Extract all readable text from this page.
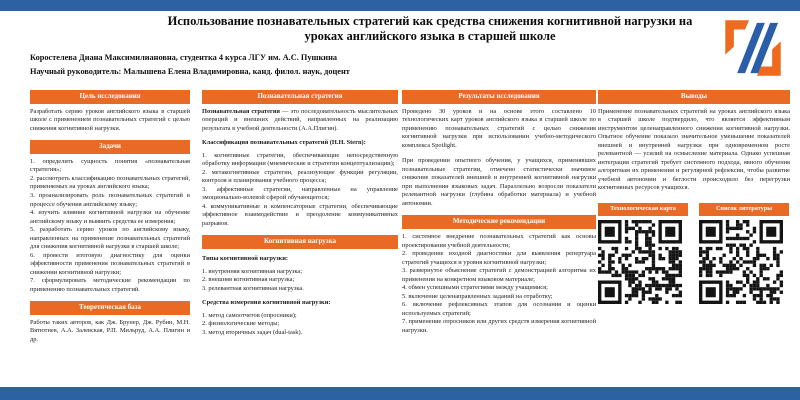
Использование познавательных стратегий как средства снижения когнитивной нагрузки на уроках английского языка в старшей школе
Коростелева Диана Максимилиановна, студентка 4 курса ЛГУ им. А.С. Пушкина
Научный руководитель: Малышева Елена Владимировна, канд. филол. наук, доцент
Цель исследования
Разработать серию уроков английского языка в старшей школе с применением познавательных стратегий с целью снижения когнитивной нагрузки.
Задачи
1. определить сущность понятия «познавательная стратегия»;
2. рассмотреть классификацию познавательных стратегий, применяемых на уроках английского языка;
3. проанализировать роль познавательных стратегий в процессе обучения английскому языку;
4. изучить влияние когнитивной нагрузки на обучение английскому языку и выявить средства ее измерения;
5. разработать серию уроков по английскому языку, направленных на применение познавательных стратегий для снижения когнитивной нагрузки в старшей школе;
6. провести итоговую диагностику для оценки эффективности применения познавательных стратегий в снижении когнитивной нагрузки;
7. сформулировать методические рекомендации по применению познавательных стратегий.
Теоретическая база
Работы таких авторов, как Дж. Брунер, Дж. Рубин, М.Н. Вятютнев, А.А. Залевская, Р.П. Мильруд, А.А. Плигин и др.
Познавательная стратегия
Познавательная стратегия — это последовательность мыслительных операций и внешних действий, направленных на реализацию результата в учебной деятельности (А.А.Плигин).
Классификация познавательных стратегий (Н.Н. Stern):
1. когнитивные стратегии, обеспечивающие непосредственную обработку информации (мнемические и стратегии концептуализации);
2. метакогнитивные стратегии, реализующие функции регуляции, контроля и планирования учебного процесса;
3. аффективные стратегии, направленные на управление эмоционально-волевой сферой обучающегося;
4. коммуникативные и компенсаторные стратегии, обеспечивающие эффективное взаимодействие и преодоление коммуникативных разрывов.
Когнитивная нагрузка
Типы когнитивной нагрузки:
1. внутренняя когнитивная нагрузка;
2. внешняя когнитивная нагрузка;
3. релевантная когнитивная нагрузка.
Средства измерения когнитивной нагрузки:
1. метод самоотчетов (опросники);
2. физиологические методы;
3. метод вторичных задач (dual-task).
Результаты исследования
Проведено 30 уроков и на основе этого составлено 10 технологических карт уроков английского языка в старшей школе по применению познавательных стратегий с целью снижения когнитивной нагрузки при использовании учебно-методического комплекса Spotlight.
При проведении опытного обучения, у учащихся, применявших познавательные стратегии, отмечено статистически значимое снижение показателей внешней и внутренней когнитивной нагрузки при выполнении языковых задач. Параллельно возросли показатели релевантной нагрузки (глубина обработки материала) и учебной автономии.
Методические рекомендации
1. системное внедрение познавательных стратегий как основы проектирования учебной деятельности;
2. проведение входной диагностики для выявления репертуара стратегий учащихся и уровня когнитивной нагрузки;
3. развернутое объяснение стратегий с демонстрацией алгоритма их применения на конкретном языковом материале;
4. обмен успешными стратегиями между учащимися;
5. включение целенаправленных заданий на отработку;
6. включение рефлексивных этапов для осознания и оценки используемых стратегий;
7. применение опросников или других средств измерения когнитивной нагрузки.
Выводы
Применение познавательных стратегий на уроках английского языка в старшей школе подтвердило, что является эффективным инструментом целенаправленного снижения когнитивной нагрузки. Опытное обучение показало значительное уменьшение показателей внешней и внутренней нагрузки при одновременном росте релевантной — усилий на осмысление материала. Однако успешная интеграция стратегий требует системного подхода, явного обучения алгоритмам их применения и регулярной рефлексии, чтобы развитие учебной автономии и беглости происходило без перегрузки когнитивных ресурсов учащихся.
Технологическая карта	Список литературы
